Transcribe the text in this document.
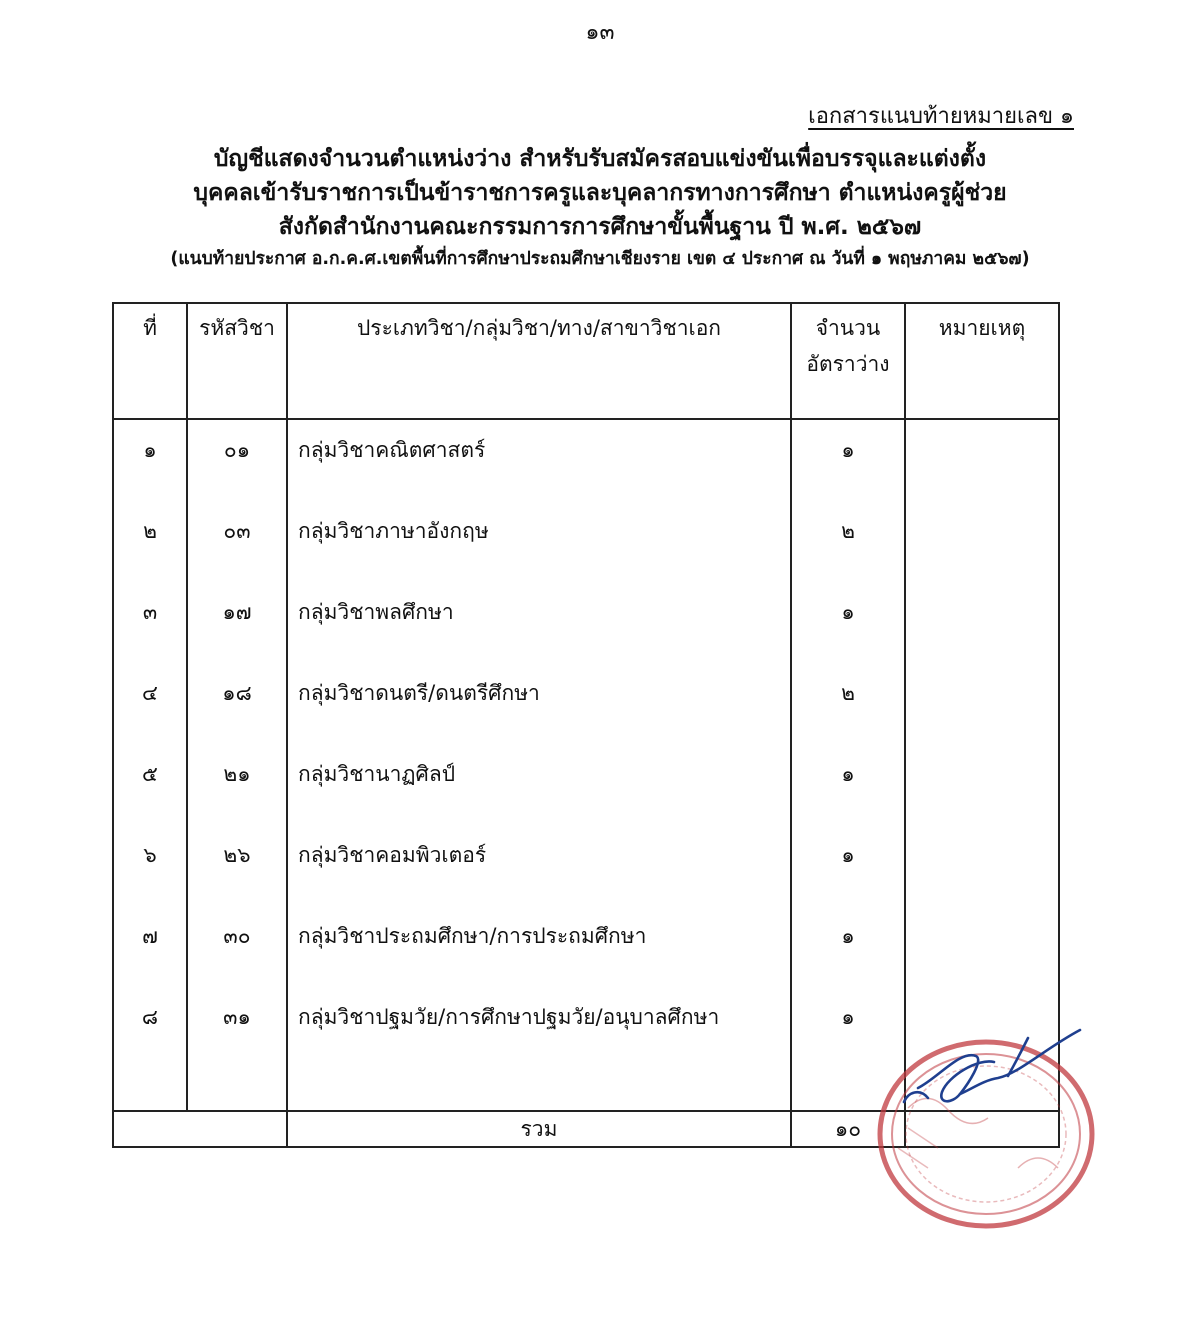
๑๓
เอกสารแนบท้ายหมายเลข ๑
บัญชีแสดงจำนวนตำแหน่งว่าง สำหรับรับสมัครสอบแข่งขันเพื่อบรรจุและแต่งตั้ง
บุคคลเข้ารับราชการเป็นข้าราชการครูและบุคลากรทางการศึกษา ตำแหน่งครูผู้ช่วย
สังกัดสำนักงานคณะกรรมการการศึกษาขั้นพื้นฐาน ปี พ.ศ. ๒๕๖๗
(แนบท้ายประกาศ อ.ก.ค.ศ.เขตพื้นที่การศึกษาประถมศึกษาเชียงราย เขต ๔ ประกาศ ณ วันที่ ๑ พฤษภาคม ๒๕๖๗)
ที่	รหัสวิชา	ประเภทวิชา/กลุ่มวิชา/ทาง/สาขาวิชาเอก	จำนวน
อัตราว่าง	หมายเหตุ
๑	๐๑	กลุ่มวิชาคณิตศาสตร์	๑	
๒	๐๓	กลุ่มวิชาภาษาอังกฤษ	๒	
๓	๑๗	กลุ่มวิชาพลศึกษา	๑	
๔	๑๘	กลุ่มวิชาดนตรี/ดนตรีศึกษา	๒	
๕	๒๑	กลุ่มวิชานาฏศิลป์	๑	
๖	๒๖	กลุ่มวิชาคอมพิวเตอร์	๑	
๗	๓๐	กลุ่มวิชาประถมศึกษา/การประถมศึกษา	๑	
๘	๓๑	กลุ่มวิชาปฐมวัย/การศึกษาปฐมวัย/อนุบาลศึกษา	๑	

		รวม	๑๐	
